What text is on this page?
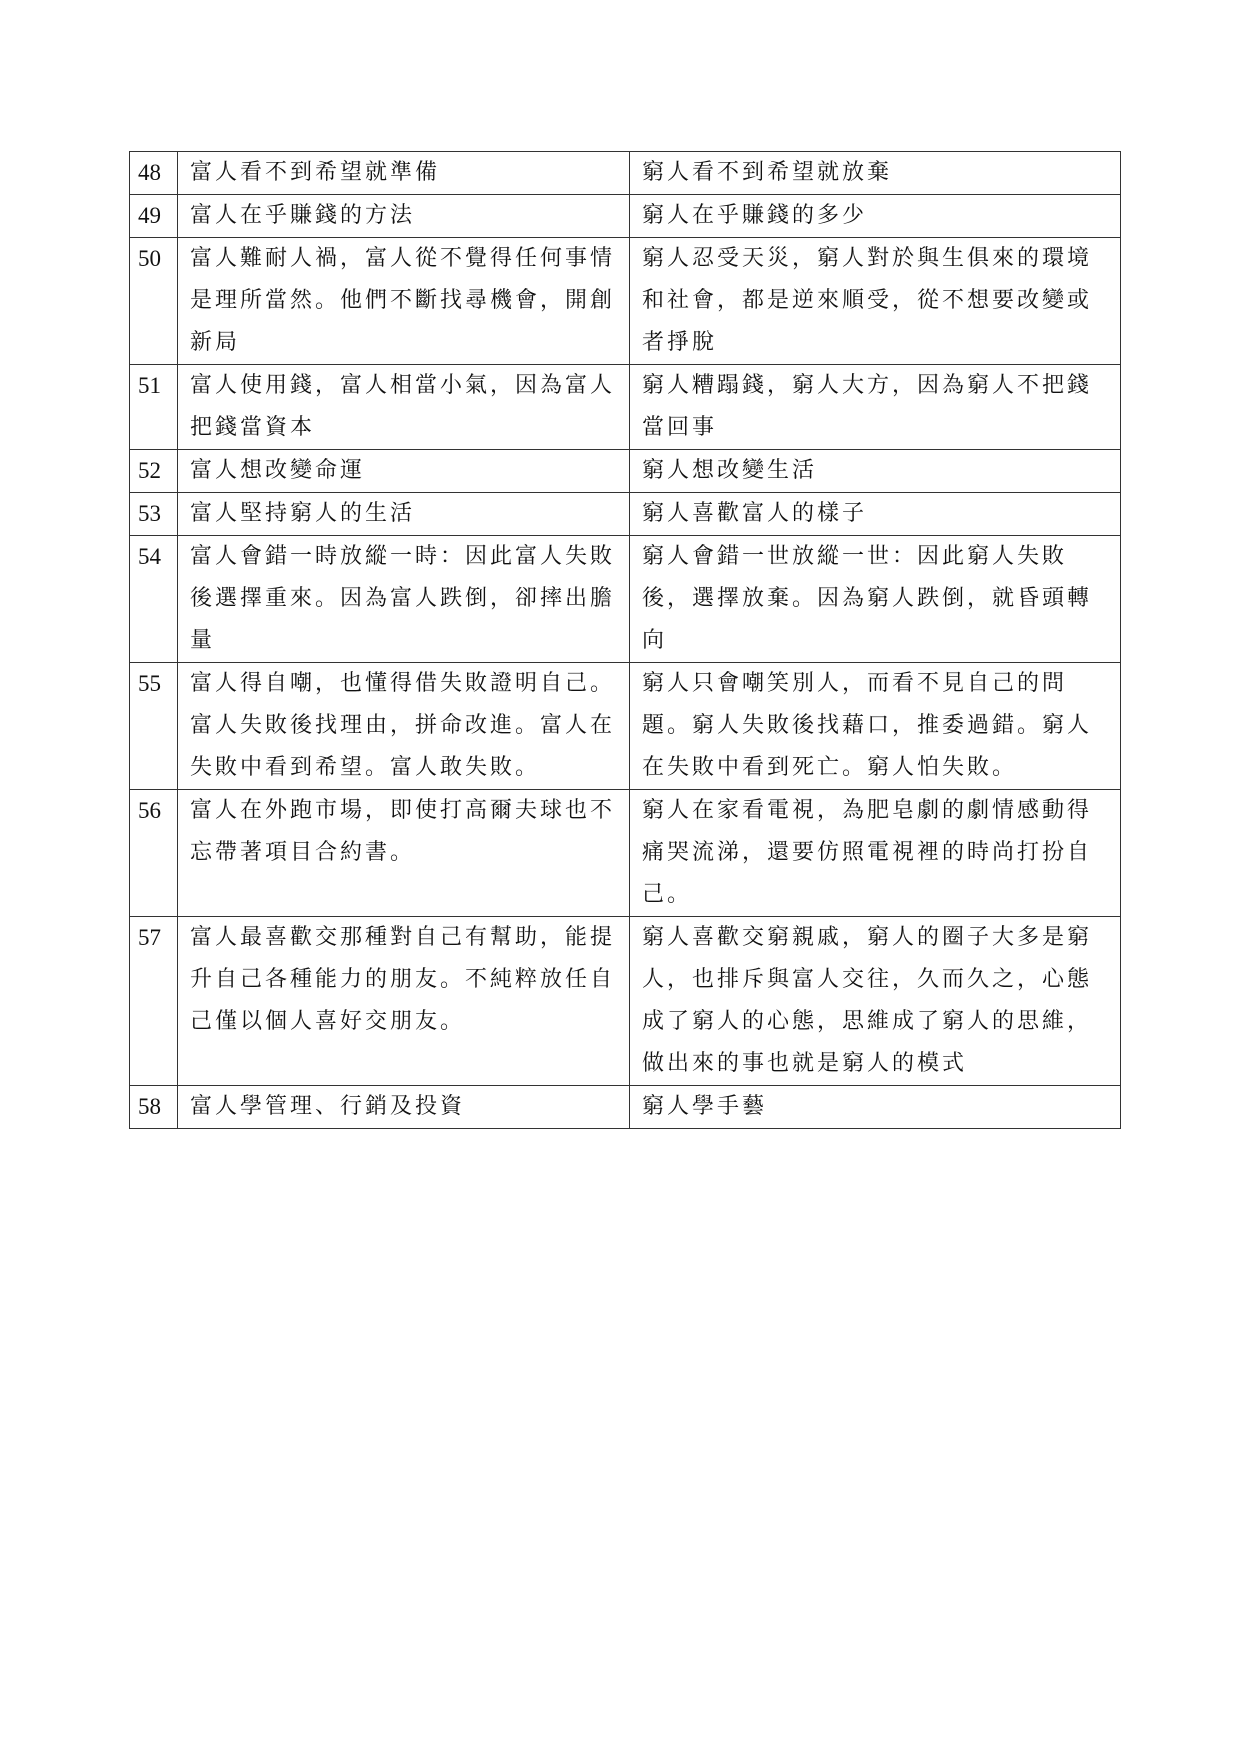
48	富人看不到希望就準備	窮人看不到希望就放棄
49	富人在乎賺錢的方法	窮人在乎賺錢的多少
50	富人難耐人禍，富人從不覺得任何事情是理所當然。他們不斷找尋機會，開創新局	窮人忍受天災，窮人對於與生俱來的環境和社會，都是逆來順受，從不想要改變或者掙脫
51	富人使用錢，富人相當小氣，因為富人把錢當資本	窮人糟蹋錢，窮人大方，因為窮人不把錢當回事
52	富人想改變命運	窮人想改變生活
53	富人堅持窮人的生活	窮人喜歡富人的樣子
54	富人會錯一時放縱一時：因此富人失敗後選擇重來。因為富人跌倒，卻摔出膽量	窮人會錯一世放縱一世：因此窮人失敗後，選擇放棄。因為窮人跌倒，就昏頭轉向
55	富人得自嘲，也懂得借失敗證明自己。富人失敗後找理由，拼命改進。富人在失敗中看到希望。富人敢失敗。	窮人只會嘲笑別人，而看不見自己的問題。窮人失敗後找藉口，推委過錯。窮人在失敗中看到死亡。窮人怕失敗。
56	富人在外跑市場，即使打高爾夫球也不忘帶著項目合約書。	窮人在家看電視，為肥皂劇的劇情感動得痛哭流涕，還要仿照電視裡的時尚打扮自己。
57	富人最喜歡交那種對自己有幫助，能提升自己各種能力的朋友。不純粹放任自己僅以個人喜好交朋友。	窮人喜歡交窮親戚，窮人的圈子大多是窮人，也排斥與富人交往，久而久之，心態成了窮人的心態，思維成了窮人的思維，做出來的事也就是窮人的模式
58	富人學管理、行銷及投資	窮人學手藝
